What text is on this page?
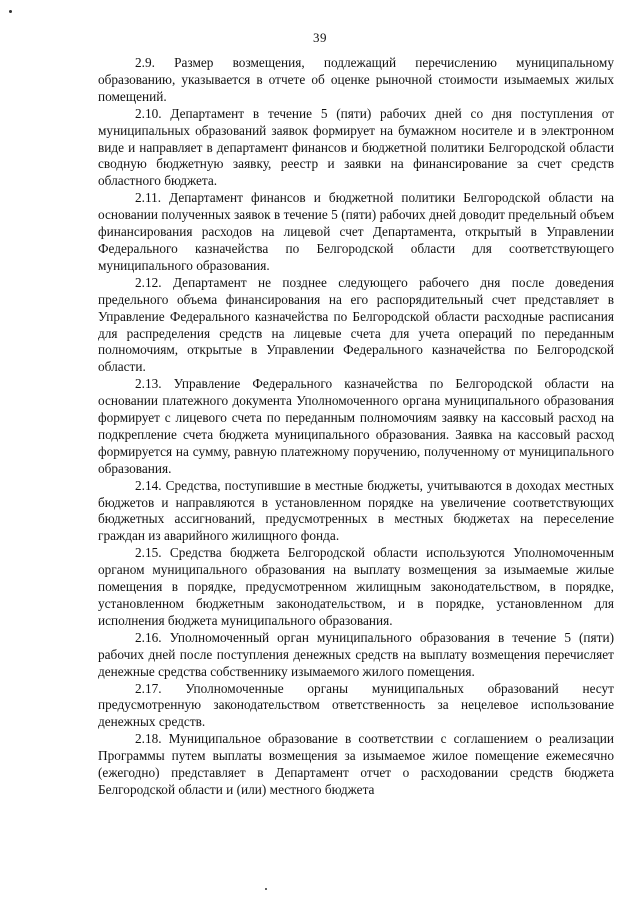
39

2.9. Размер возмещения, подлежащий перечислению муниципальному образованию, указывается в отчете об оценке рыночной стоимости изымаемых жилых помещений.

2.10. Департамент в течение 5 (пяти) рабочих дней со дня поступления от муниципальных образований заявок формирует на бумажном носителе и в электронном виде и направляет в департамент финансов и бюджетной политики Белгородской области сводную бюджетную заявку, реестр и заявки на финансирование за счет средств областного бюджета.

2.11. Департамент финансов и бюджетной политики Белгородской области на основании полученных заявок в течение 5 (пяти) рабочих дней доводит предельный объем финансирования расходов на лицевой счет Департамента, открытый в Управлении Федерального казначейства по Белгородской области для соответствующего муниципального образования.

2.12. Департамент не позднее следующего рабочего дня после доведения предельного объема финансирования на его распорядительный счет представляет в Управление Федерального казначейства по Белгородской области расходные расписания для распределения средств на лицевые счета для учета операций по переданным полномочиям, открытые в Управлении Федерального казначейства по Белгородской области.

2.13. Управление Федерального казначейства по Белгородской области на основании платежного документа Уполномоченного органа муниципального образования формирует с лицевого счета по переданным полномочиям заявку на кассовый расход на подкрепление счета бюджета муниципального образования. Заявка на кассовый расход формируется на сумму, равную платежному поручению, полученному от муниципального образования.

2.14. Средства, поступившие в местные бюджеты, учитываются в доходах местных бюджетов и направляются в установленном порядке на увеличение соответствующих бюджетных ассигнований, предусмотренных в местных бюджетах на переселение граждан из аварийного жилищного фонда.

2.15. Средства бюджета Белгородской области используются Уполномоченным органом муниципального образования на выплату возмещения за изымаемые жилые помещения в порядке, предусмотренном жилищным законодательством, в порядке, установленном бюджетным законодательством, и в порядке, установленном для исполнения бюджета муниципального образования.

2.16. Уполномоченный орган муниципального образования в течение 5 (пяти) рабочих дней после поступления денежных средств на выплату возмещения перечисляет денежные средства собственнику изымаемого жилого помещения.

2.17. Уполномоченные органы муниципальных образований несут предусмотренную законодательством ответственность за нецелевое использование денежных средств.

2.18. Муниципальное образование в соответствии с соглашением о реализации Программы путем выплаты возмещения за изымаемое жилое помещение ежемесячно (ежегодно) представляет в Департамент отчет о расходовании средств бюджета Белгородской области и (или) местного бюджета
